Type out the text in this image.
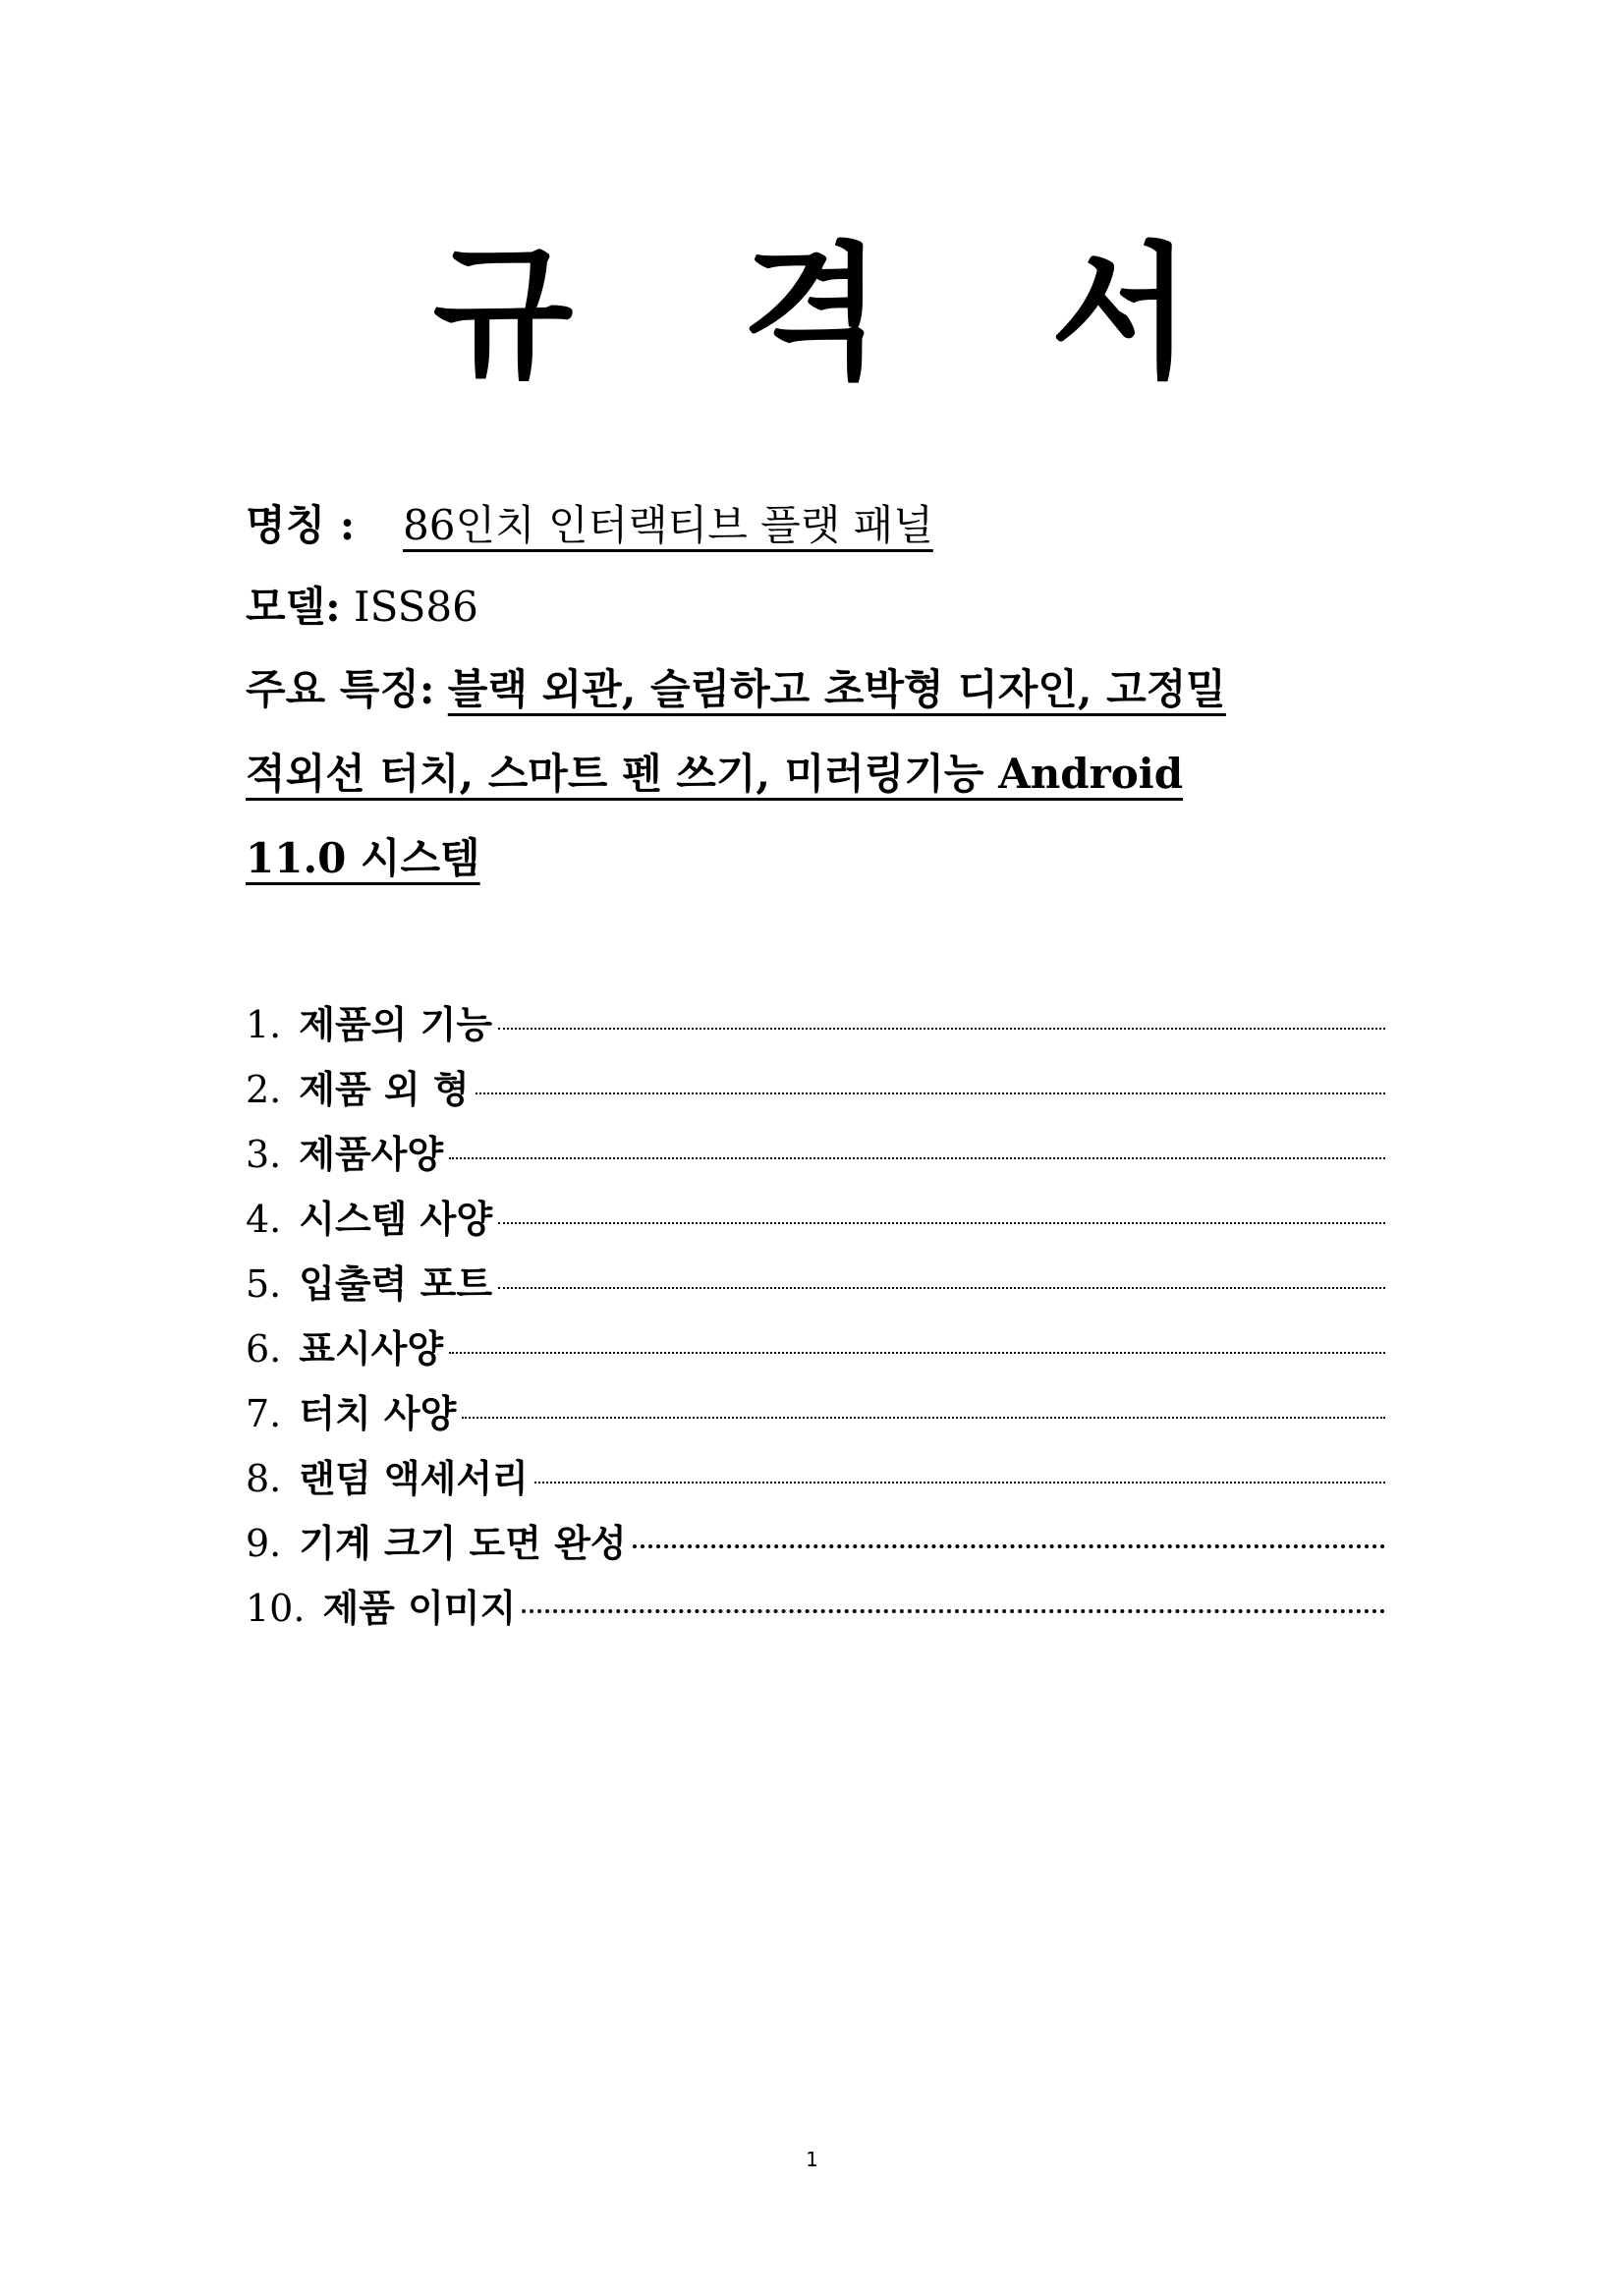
규 격 서
명칭 : 86인치 인터랙티브 플랫 패널
모델: ISS86
주요 특징: 블랙 외관, 슬림하고 초박형 디자인, 고정밀
적외선 터치, 스마트 펜 쓰기, 미러링기능 Android
11.0 시스템
1. 제품의 기능
2. 제품 외 형
3. 제품사양
4. 시스템 사양
5. 입출력 포트
6. 표시사양
7. 터치 사양
8. 랜덤 액세서리
9. 기계 크기 도면 완성
10. 제품 이미지
1
